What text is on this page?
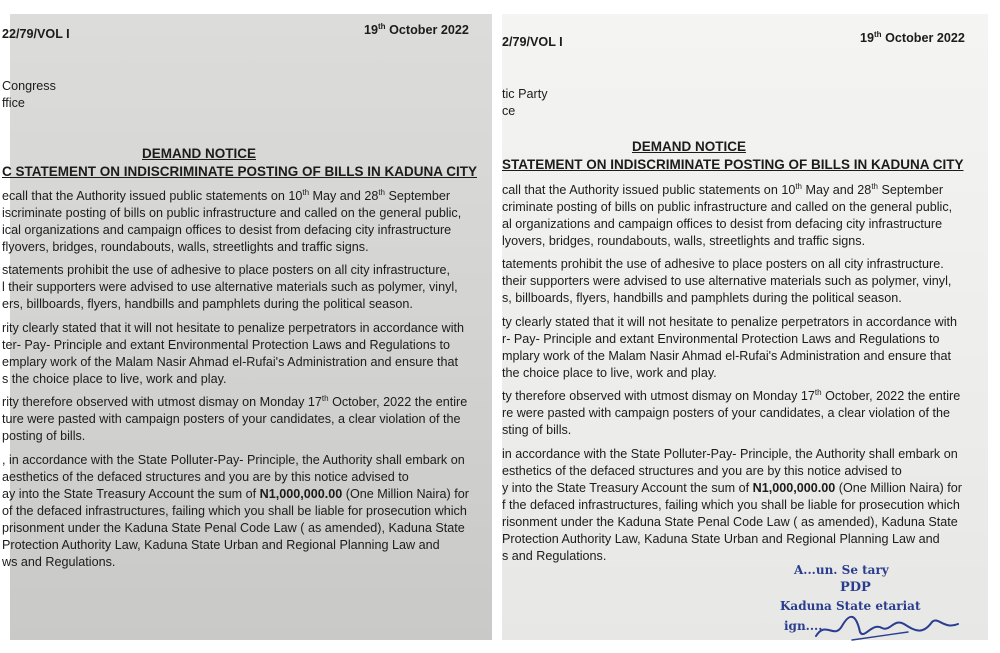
22/79/VOL I	19th October 2022
Congress
ffice
DEMAND NOTICE
C STATEMENT ON INDISCRIMINATE POSTING OF BILLS IN KADUNA CITY
ecall that the Authority issued public statements on 10th May and 28th September
iscriminate posting of bills on public infrastructure and called on the general public,
ical organizations and campaign offices to desist from defacing city infrastructure
flyovers, bridges, roundabouts, walls, streetlights and traffic signs.
statements prohibit the use of adhesive to place posters on all city infrastructure,
l their supporters were advised to use alternative materials such as polymer, vinyl,
ers, billboards, flyers, handbills and pamphlets during the political season.
rity clearly stated that it will not hesitate to penalize perpetrators in accordance with
ter- Pay- Principle and extant Environmental Protection Laws and Regulations to
emplary work of the Malam Nasir Ahmad el-Rufai's Administration and ensure that
s the choice place to live, work and play.
rity therefore observed with utmost dismay on Monday 17th October, 2022 the entire
ture were pasted with campaign posters of your candidates, a clear violation of the
posting of bills.
, in accordance with the State Polluter-Pay- Principle, the Authority shall embark on
aesthetics of the defaced structures and you are by this notice advised to
ay into the State Treasury Account the sum of N1,000,000.00 (One Million Naira) for
of the defaced infrastructures, failing which you shall be liable for prosecution which
prisonment under the Kaduna State Penal Code Law ( as amended), Kaduna State
Protection Authority Law, Kaduna State Urban and Regional Planning Law and
ws and Regulations.
2/79/VOL I	19th October 2022
tic Party
ce
DEMAND NOTICE
STATEMENT ON INDISCRIMINATE POSTING OF BILLS IN KADUNA CITY
call that the Authority issued public statements on 10th May and 28th September
criminate posting of bills on public infrastructure and called on the general public,
al organizations and campaign offices to desist from defacing city infrastructure
lyovers, bridges, roundabouts, walls, streetlights and traffic signs.
tatements prohibit the use of adhesive to place posters on all city infrastructure.
their supporters were advised to use alternative materials such as polymer, vinyl,
s, billboards, flyers, handbills and pamphlets during the political season.
ty clearly stated that it will not hesitate to penalize perpetrators in accordance with
r- Pay- Principle and extant Environmental Protection Laws and Regulations to
mplary work of the Malam Nasir Ahmad el-Rufai's Administration and ensure that
the choice place to live, work and play.
ty therefore observed with utmost dismay on Monday 17th October, 2022 the entire
re were pasted with campaign posters of your candidates, a clear violation of the
sting of bills.
in accordance with the State Polluter-Pay- Principle, the Authority shall embark on
esthetics of the defaced structures and you are by this notice advised to
y into the State Treasury Account the sum of N1,000,000.00 (One Million Naira) for
f the defaced infrastructures, failing which you shall be liable for prosecution which
risonment under the Kaduna State Penal Code Law ( as amended), Kaduna State
Protection Authority Law, Kaduna State Urban and Regional Planning Law and
s and Regulations.
A...un. Se tary
PDP
Kaduna State etariat
ign....
